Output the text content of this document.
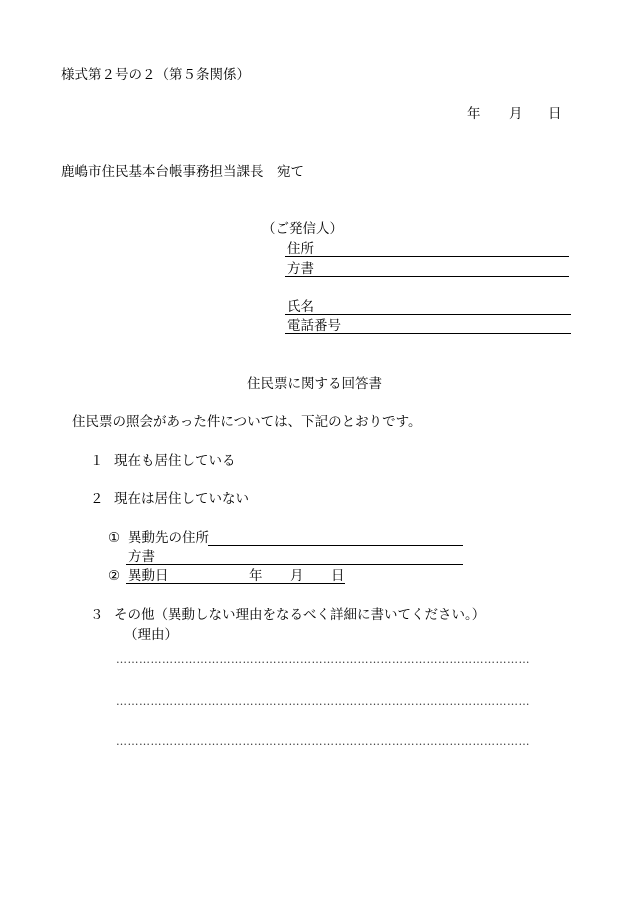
様式第２号の２（第５条関係）
年 月 日
鹿嶋市住民基本台帳事務担当課長　宛て
（ご発信人）
住所
方書
氏名
電話番号
住民票に関する回答書
住民票の照会があった件については、下記のとおりです。
１ 現在も居住している
２ 現在は居住していない
① 異動先の住所
方書
② 異動日	年 月 日
３ その他（異動しない理由をなるべく詳細に書いてください。）
（理由）
………………………………………………………………………………………………
………………………………………………………………………………………………
………………………………………………………………………………………………
